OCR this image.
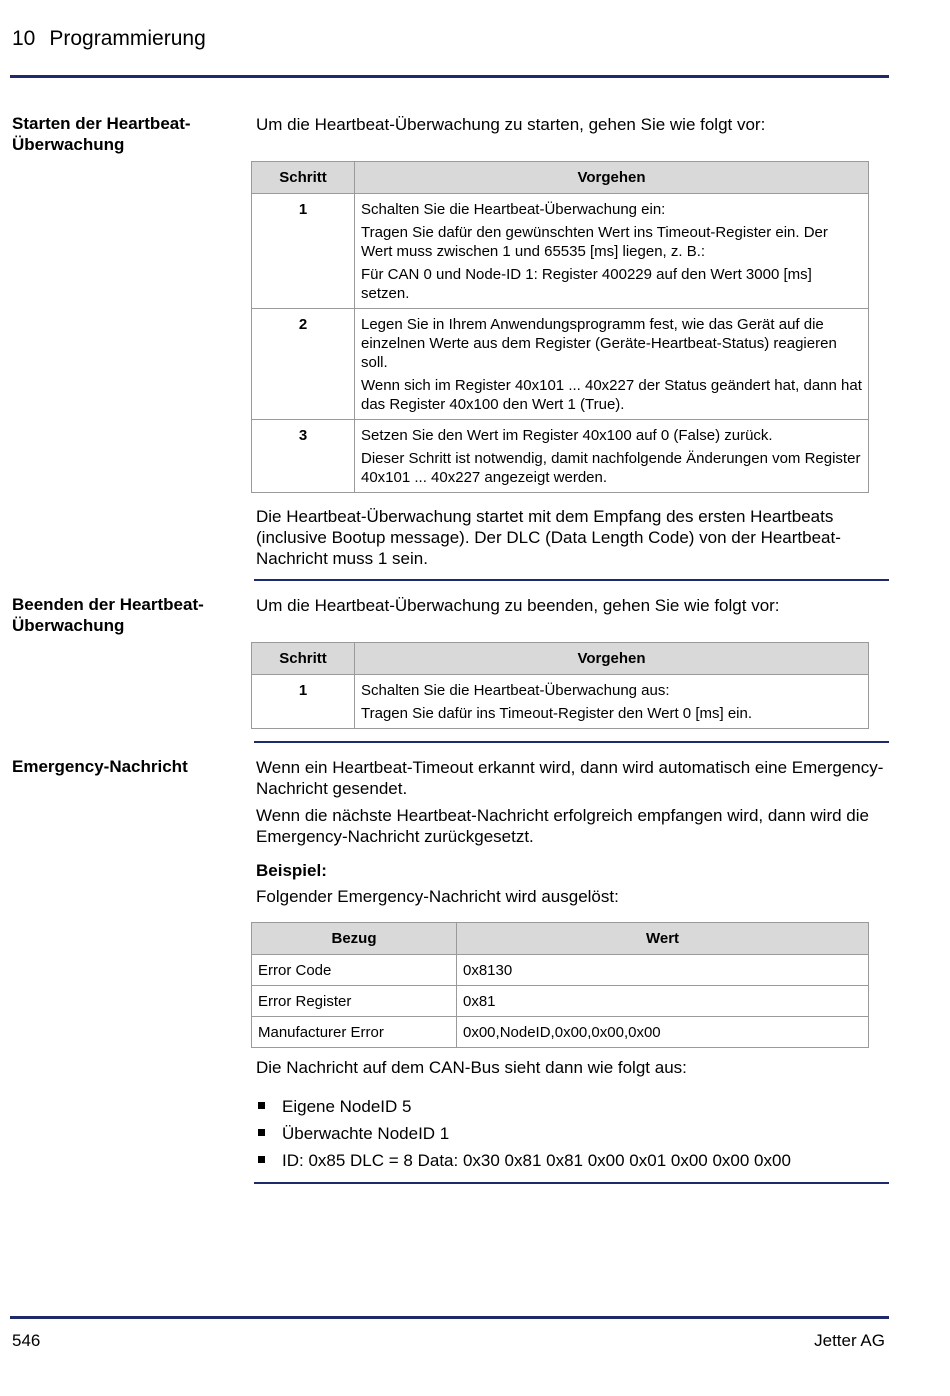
10 Programmierung
Starten der Heartbeat-Überwachung
Um die Heartbeat-Überwachung zu starten, gehen Sie wie folgt vor:
Schritt	Vorgehen
1	Schalten Sie die Heartbeat-Überwachung ein:

Tragen Sie dafür den gewünschten Wert ins Timeout-Register ein. Der Wert muss zwischen 1 und 65535 [ms] liegen, z. B.:

Für CAN 0 und Node-ID 1: Register 400229 auf den Wert 3000 [ms] setzen.

2	Legen Sie in Ihrem Anwendungsprogramm fest, wie das Gerät auf die einzelnen Werte aus dem Register (Geräte-Heartbeat-Status) reagieren soll.

Wenn sich im Register 40x101 ... 40x227 der Status geändert hat, dann hat das Register 40x100 den Wert 1 (True).

3	Setzen Sie den Wert im Register 40x100 auf 0 (False) zurück.

Dieser Schritt ist notwendig, damit nachfolgende Änderungen vom Register 40x101 ... 40x227 angezeigt werden.

Die Heartbeat-Überwachung startet mit dem Empfang des ersten Heartbeats (inclusive Bootup message). Der DLC (Data Length Code) von der Heartbeat-Nachricht muss 1 sein.
Beenden der Heartbeat-Überwachung
Um die Heartbeat-Überwachung zu beenden, gehen Sie wie folgt vor:
Schritt	Vorgehen
1	Schalten Sie die Heartbeat-Überwachung aus:

Tragen Sie dafür ins Timeout-Register den Wert 0 [ms] ein.

Emergency-Nachricht	Wenn ein Heartbeat-Timeout erkannt wird, dann wird automatisch eine Emergency-Nachricht gesendet.

Wenn die nächste Heartbeat-Nachricht erfolgreich empfangen wird, dann wird die Emergency-Nachricht zurückgesetzt.

Beispiel:
Folgender Emergency-Nachricht wird ausgelöst:
Bezug	Wert
Error Code	0x8130
Error Register	0x81
Manufacturer Error	0x00,NodeID,0x00,0x00,0x00
Die Nachricht auf dem CAN-Bus sieht dann wie folgt aus:
Eigene NodeID 5
Überwachte NodeID 1
ID: 0x85 DLC = 8 Data: 0x30 0x81 0x81 0x00 0x01 0x00 0x00 0x00
546	Jetter AG
